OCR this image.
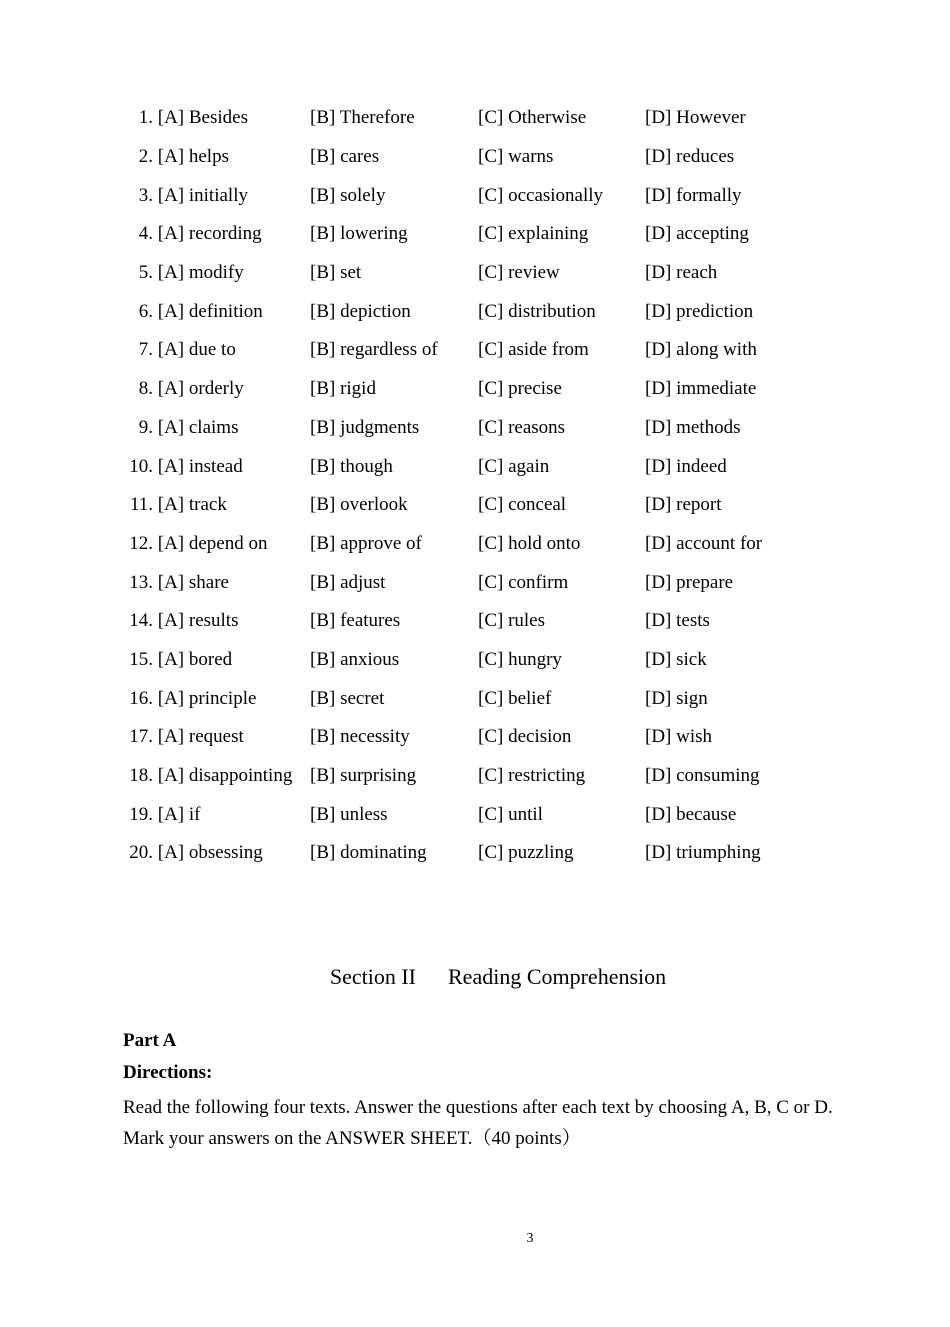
1. [A] Besides	[B] Therefore	[C] Otherwise	[D] However
2. [A] helps	[B] cares	[C] warns	[D] reduces
3. [A] initially	[B] solely	[C] occasionally	[D] formally
4. [A] recording	[B] lowering	[C] explaining	[D] accepting
5. [A] modify	[B] set	[C] review	[D] reach
6. [A] definition	[B] depiction	[C] distribution	[D] prediction
7. [A] due to	[B] regardless of	[C] aside from	[D] along with
8. [A] orderly	[B] rigid	[C] precise	[D] immediate
9. [A] claims	[B] judgments	[C] reasons	[D] methods
10. [A] instead	[B] though	[C] again	[D] indeed
11. [A] track	[B] overlook	[C] conceal	[D] report
12. [A] depend on	[B] approve of	[C] hold onto	[D] account for
13. [A] share	[B] adjust	[C] confirm	[D] prepare
14. [A] results	[B] features	[C] rules	[D] tests
15. [A] bored	[B] anxious	[C] hungry	[D] sick
16. [A] principle	[B] secret	[C] belief	[D] sign
17. [A] request	[B] necessity	[C] decision	[D] wish
18. [A] disappointing	[B] surprising	[C] restricting	[D] consuming
19. [A] if	[B] unless	[C] until	[D] because
20. [A] obsessing	[B] dominating	[C] puzzling	[D] triumphing
Section II Reading Comprehension
Part A
Directions:
Read the following four texts. Answer the questions after each text by choosing A, B, C or D. Mark your answers on the ANSWER SHEET.（40 points）
3
